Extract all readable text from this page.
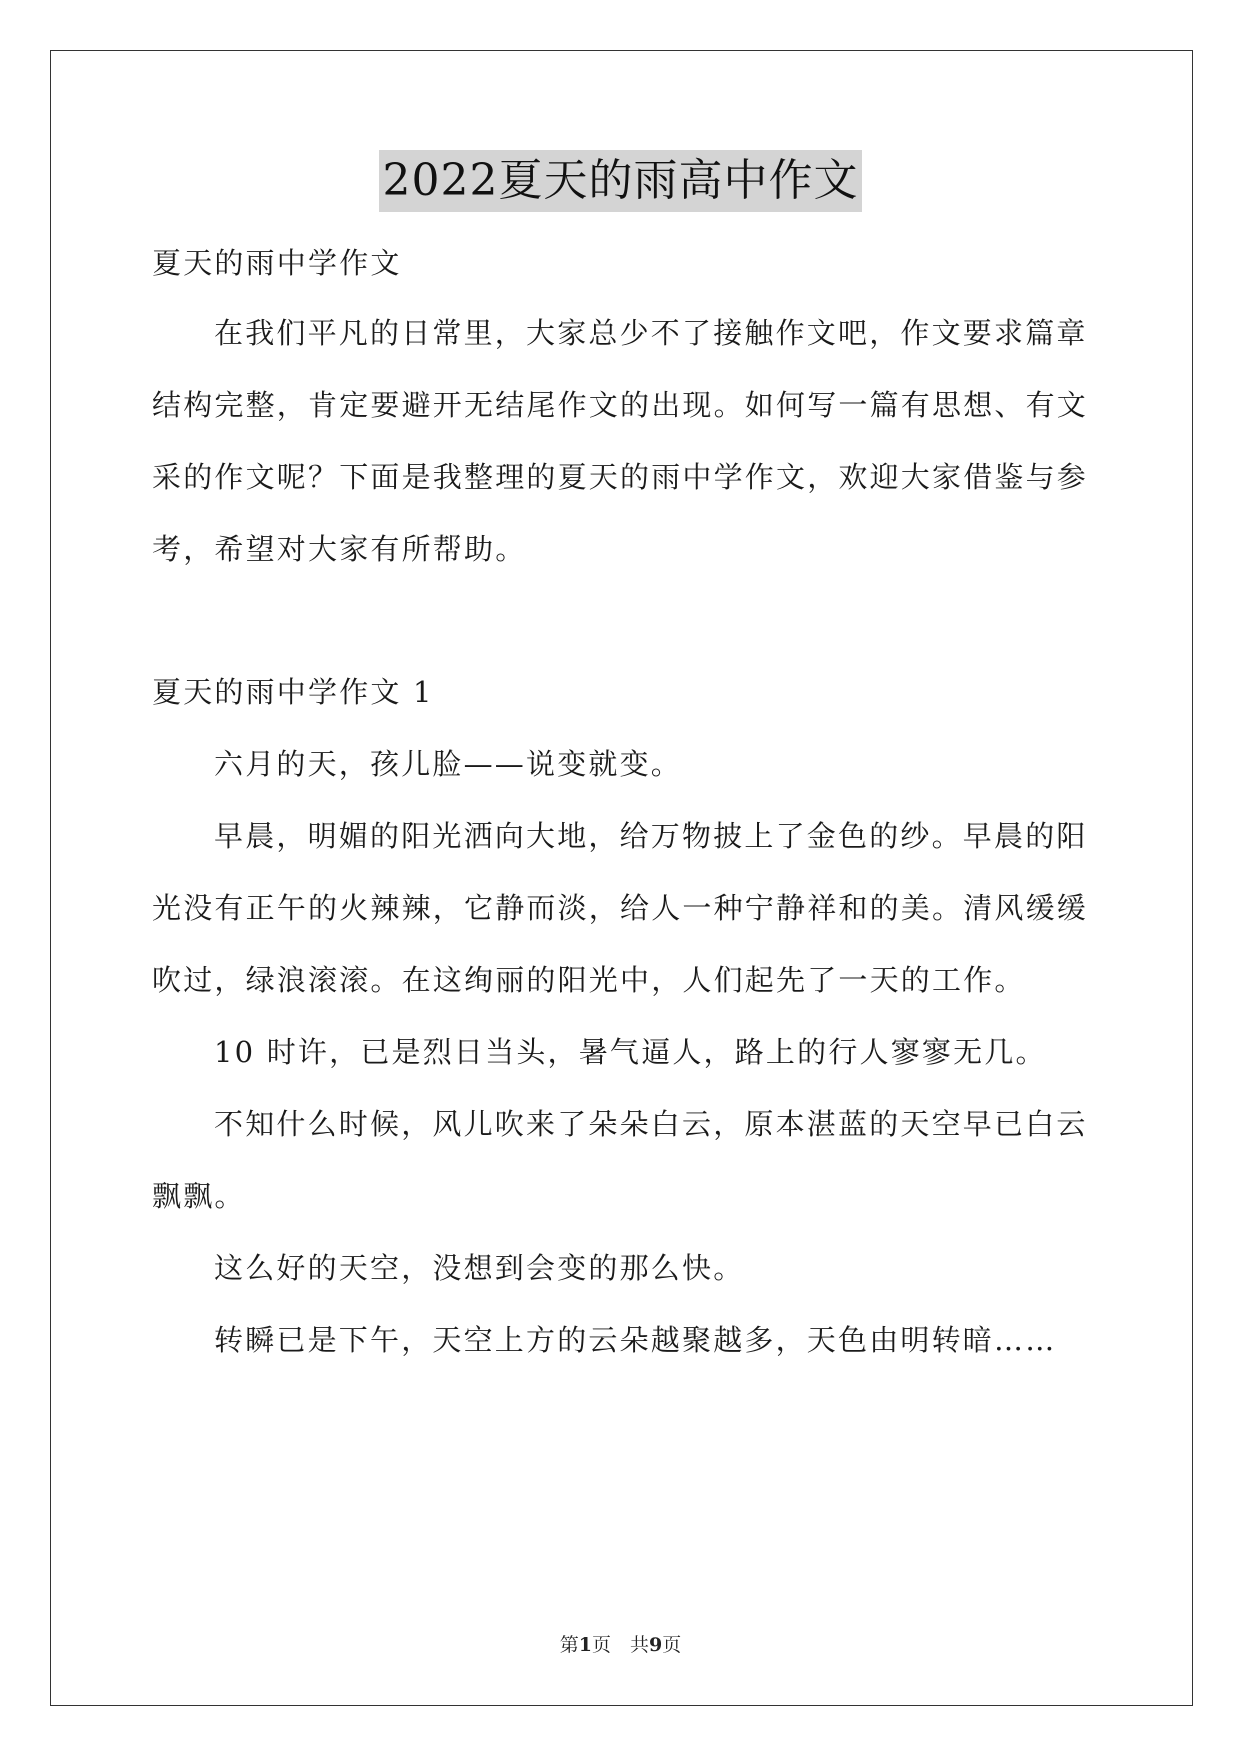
2022夏天的雨高中作文
夏天的雨中学作文
在我们平凡的日常里，大家总少不了接触作文吧，作文要求篇章
结构完整，肯定要避开无结尾作文的出现。如何写一篇有思想、有文
采的作文呢？下面是我整理的夏天的雨中学作文，欢迎大家借鉴与参
考，希望对大家有所帮助。
夏天的雨中学作文 1
六月的天，孩儿脸——说变就变。
早晨，明媚的阳光洒向大地，给万物披上了金色的纱。早晨的阳
光没有正午的火辣辣，它静而淡，给人一种宁静祥和的美。清风缓缓
吹过，绿浪滚滚。在这绚丽的阳光中，人们起先了一天的工作。
10 时许，已是烈日当头，暑气逼人，路上的行人寥寥无几。
不知什么时候，风儿吹来了朵朵白云，原本湛蓝的天空早已白云
飘飘。
这么好的天空，没想到会变的那么快。
转瞬已是下午，天空上方的云朵越聚越多，天色由明转暗……
第1页　共9页
